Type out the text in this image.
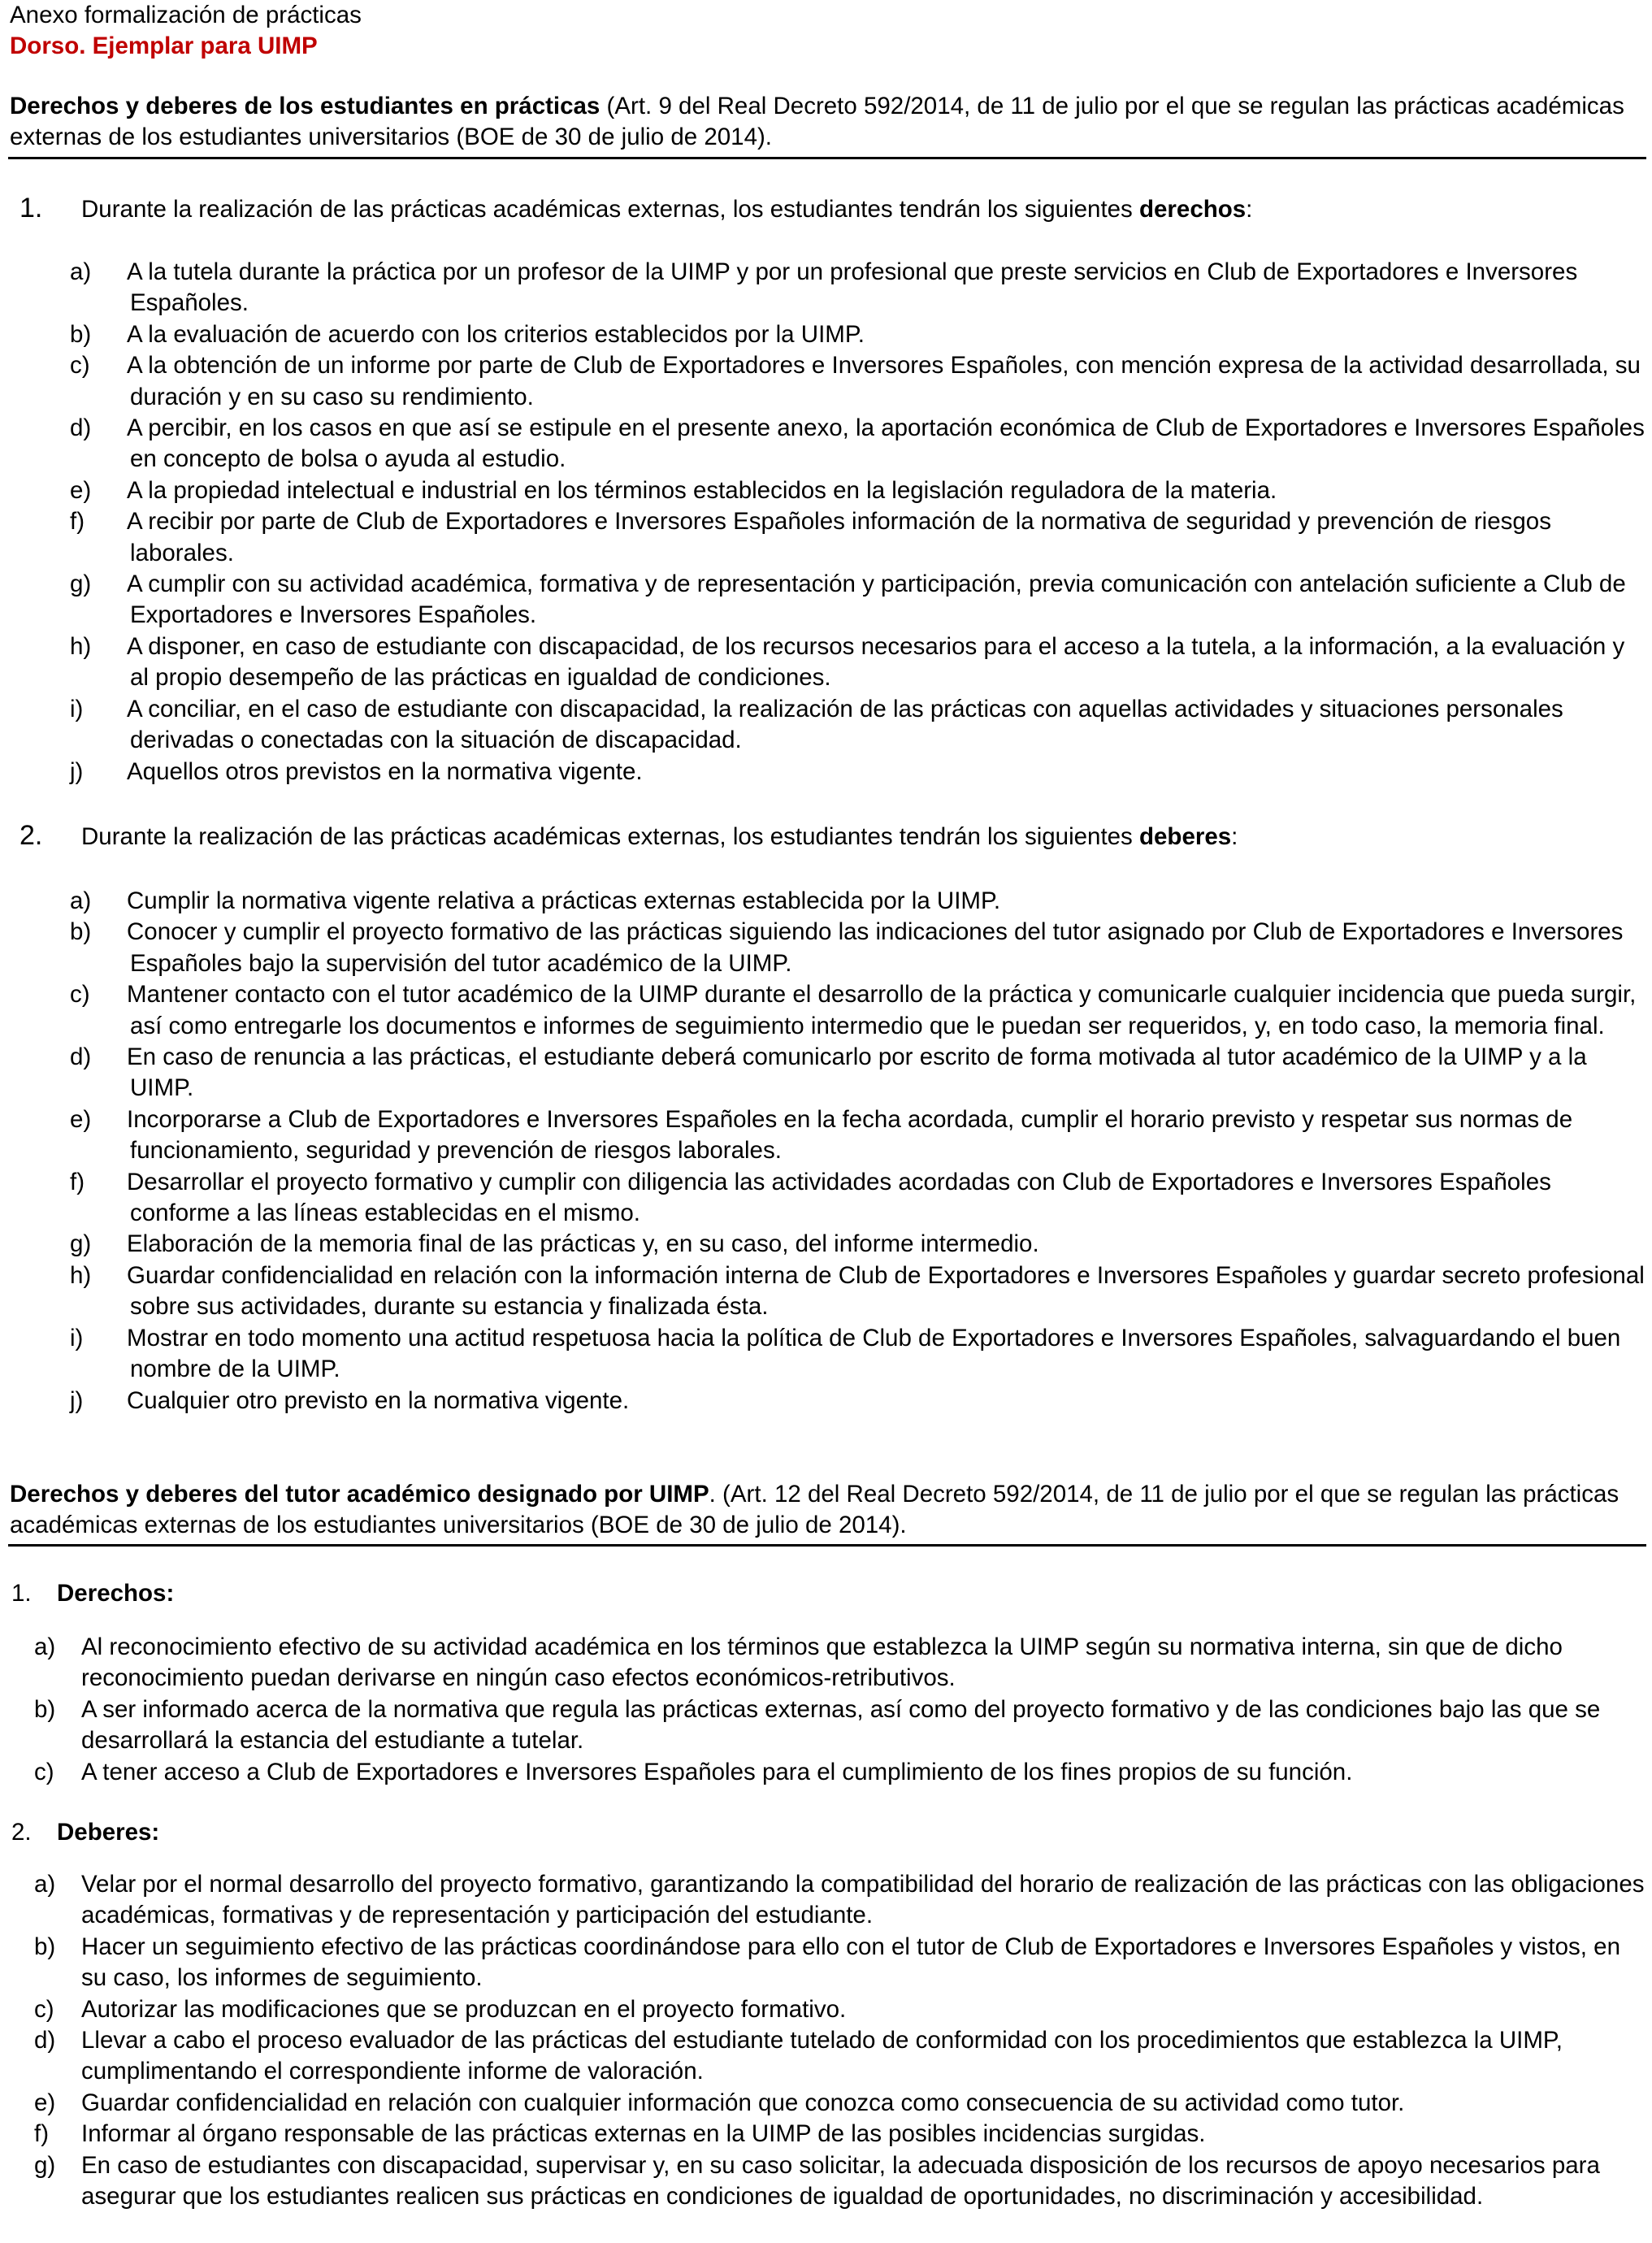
Anexo formalización de prácticas
Dorso. Ejemplar para UIMP
Derechos y deberes de los estudiantes en prácticas (Art. 9 del Real Decreto 592/2014, de 11 de julio por el que se regulan las prácticas académicas externas de los estudiantes universitarios (BOE de 30 de julio de 2014).
1. Durante la realización de las prácticas académicas externas, los estudiantes tendrán los siguientes derechos:
a)	A la tutela durante la práctica por un profesor de la UIMP y por un profesional que preste servicios en Club de Exportadores e Inversores Españoles.
b)	A la evaluación de acuerdo con los criterios establecidos por la UIMP.
c)	A la obtención de un informe por parte de Club de Exportadores e Inversores Españoles, con mención expresa de la actividad desarrollada, su duración y en su caso su rendimiento.
d)	A percibir, en los casos en que así se estipule en el presente anexo, la aportación económica de Club de Exportadores e Inversores Españoles en concepto de bolsa o ayuda al estudio.
e)	A la propiedad intelectual e industrial en los términos establecidos en la legislación reguladora de la materia.
f)	A recibir por parte de Club de Exportadores e Inversores Españoles información de la normativa de seguridad y prevención de riesgos laborales.
g)	A cumplir con su actividad académica, formativa y de representación y participación, previa comunicación con antelación suficiente a Club de Exportadores e Inversores Españoles.
h)	A disponer, en caso de estudiante con discapacidad, de los recursos necesarios para el acceso a la tutela, a la información, a la evaluación y al propio desempeño de las prácticas en igualdad de condiciones.
i)	A conciliar, en el caso de estudiante con discapacidad, la realización de las prácticas con aquellas actividades y situaciones personales derivadas o conectadas con la situación de discapacidad.
j)	Aquellos otros previstos en la normativa vigente.
2. Durante la realización de las prácticas académicas externas, los estudiantes tendrán los siguientes deberes:
a)	Cumplir la normativa vigente relativa a prácticas externas establecida por la UIMP.
b)	Conocer y cumplir el proyecto formativo de las prácticas siguiendo las indicaciones del tutor asignado por Club de Exportadores e Inversores Españoles bajo la supervisión del tutor académico de la UIMP.
c)	Mantener contacto con el tutor académico de la UIMP durante el desarrollo de la práctica y comunicarle cualquier incidencia que pueda surgir, así como entregarle los documentos e informes de seguimiento intermedio que le puedan ser requeridos, y, en todo caso, la memoria final.
d)	En caso de renuncia a las prácticas, el estudiante deberá comunicarlo por escrito de forma motivada al tutor académico de la UIMP y a la UIMP.
e)	Incorporarse a Club de Exportadores e Inversores Españoles en la fecha acordada, cumplir el horario previsto y respetar sus normas de funcionamiento, seguridad y prevención de riesgos laborales.
f)	Desarrollar el proyecto formativo y cumplir con diligencia las actividades acordadas con Club de Exportadores e Inversores Españoles conforme a las líneas establecidas en el mismo.
g)	Elaboración de la memoria final de las prácticas y, en su caso, del informe intermedio.
h)	Guardar confidencialidad en relación con la información interna de Club de Exportadores e Inversores Españoles y guardar secreto profesional sobre sus actividades, durante su estancia y finalizada ésta.
i)	Mostrar en todo momento una actitud respetuosa hacia la política de Club de Exportadores e Inversores Españoles, salvaguardando el buen nombre de la UIMP.
j)	Cualquier otro previsto en la normativa vigente.
Derechos y deberes del tutor académico designado por UIMP. (Art. 12 del Real Decreto 592/2014, de 11 de julio por el que se regulan las prácticas académicas externas de los estudiantes universitarios (BOE de 30 de julio de 2014).
1. Derechos:
a)	Al reconocimiento efectivo de su actividad académica en los términos que establezca la UIMP según su normativa interna, sin que de dicho reconocimiento puedan derivarse en ningún caso efectos económicos-retributivos.
b)	A ser informado acerca de la normativa que regula las prácticas externas, así como del proyecto formativo y de las condiciones bajo las que se desarrollará la estancia del estudiante a tutelar.
c)	A tener acceso a Club de Exportadores e Inversores Españoles para el cumplimiento de los fines propios de su función.
2. Deberes:
a)	Velar por el normal desarrollo del proyecto formativo, garantizando la compatibilidad del horario de realización de las prácticas con las obligaciones académicas, formativas y de representación y participación del estudiante.
b)	Hacer un seguimiento efectivo de las prácticas coordinándose para ello con el tutor de Club de Exportadores e Inversores Españoles y vistos, en su caso, los informes de seguimiento.
c)	Autorizar las modificaciones que se produzcan en el proyecto formativo.
d)	Llevar a cabo el proceso evaluador de las prácticas del estudiante tutelado de conformidad con los procedimientos que establezca la UIMP, cumplimentando el correspondiente informe de valoración.
e)	Guardar confidencialidad en relación con cualquier información que conozca como consecuencia de su actividad como tutor.
f)	Informar al órgano responsable de las prácticas externas en la UIMP de las posibles incidencias surgidas.
g)	En caso de estudiantes con discapacidad, supervisar y, en su caso solicitar, la adecuada disposición de los recursos de apoyo necesarios para asegurar que los estudiantes realicen sus prácticas en condiciones de igualdad de oportunidades, no discriminación y accesibilidad.
